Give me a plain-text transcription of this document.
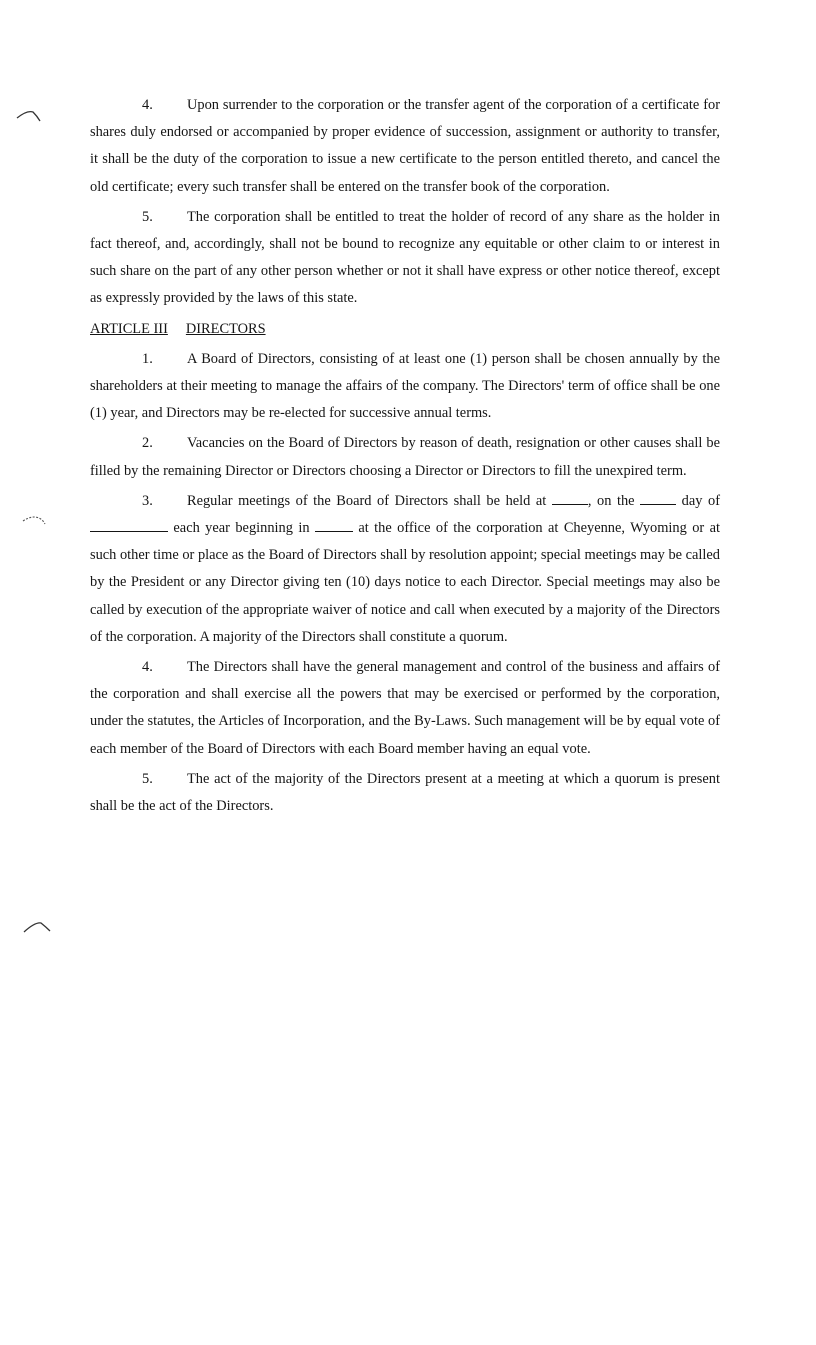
4. Upon surrender to the corporation or the transfer agent of the corporation of a certificate for shares duly endorsed or accompanied by proper evidence of succession, assignment or authority to transfer, it shall be the duty of the corporation to issue a new certificate to the person entitled thereto, and cancel the old certificate; every such transfer shall be entered on the transfer book of the corporation.

5. The corporation shall be entitled to treat the holder of record of any share as the holder in fact thereof, and, accordingly, shall not be bound to recognize any equitable or other claim to or interest in such share on the part of any other person whether or not it shall have express or other notice thereof, except as expressly provided by the laws of this state.

ARTICLE III DIRECTORS

1. A Board of Directors, consisting of at least one (1) person shall be chosen annually by the shareholders at their meeting to manage the affairs of the company. The Directors' term of office shall be one (1) year, and Directors may be re-elected for successive annual terms.

2. Vacancies on the Board of Directors by reason of death, resignation or other causes shall be filled by the remaining Director or Directors choosing a Director or Directors to fill the unexpired term.

3. Regular meetings of the Board of Directors shall be held at	, on the	day of  each year beginning in	at the office of the corporation at Cheyenne, Wyoming or at such other time or place as the Board of Directors shall by resolution appoint; special meetings may be called by the President or any Director giving ten (10) days notice to each Director. Special meetings may also be called by execution of the appropriate waiver of notice and call when executed by a majority of the Directors of the corporation. A majority of the Directors shall constitute a quorum.

4. The Directors shall have the general management and control of the business and affairs of the corporation and shall exercise all the powers that may be exercised or performed by the corporation, under the statutes, the Articles of Incorporation, and the By-Laws. Such management will be by equal vote of each member of the Board of Directors with each Board member having an equal vote.

5. The act of the majority of the Directors present at a meeting at which a quorum is present shall be the act of the Directors.
